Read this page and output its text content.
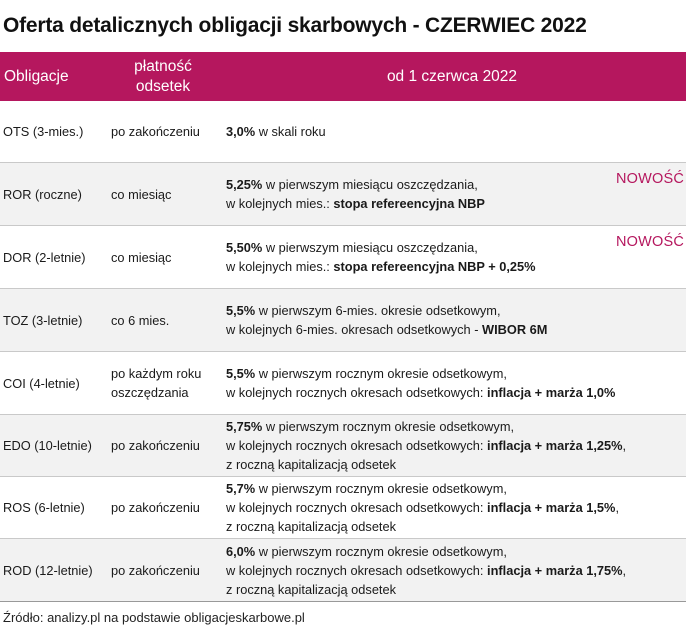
Oferta detalicznych obligacji skarbowych - CZERWIEC 2022
Obligacje
płatność
odsetek
od 1 czerwca 2022
OTS (3-mies.) po zakończeniu 3,0% w skali roku
ROR (roczne) co miesiąc
5,25% w pierwszym miesiącu oszczędzania,
w kolejnych mies.: stopa refereencyjna NBP
NOWOŚĆ
DOR (2-letnie) co miesiąc
5,50% w pierwszym miesiącu oszczędzania,
w kolejnych mies.: stopa refereencyjna NBP + 0,25%
NOWOŚĆ
TOZ (3-letnie) co 6 mies.
5,5% w pierwszym 6-mies. okresie odsetkowym,
w kolejnych 6-mies. okresach odsetkowych - WIBOR 6M
COI (4-letnie)
po każdym roku oszczędzania
5,5% w pierwszym rocznym okresie odsetkowym,
w kolejnych rocznych okresach odsetkowych: inflacja + marża 1,0%
EDO (10-letnie) po zakończeniu
5,75% w pierwszym rocznym okresie odsetkowym,
w kolejnych rocznych okresach odsetkowych: inflacja + marża 1,25%,
z roczną kapitalizacją odsetek
ROS (6-letnie) po zakończeniu
5,7% w pierwszym rocznym okresie odsetkowym,
w kolejnych rocznych okresach odsetkowych: inflacja + marża 1,5%,
z roczną kapitalizacją odsetek
ROD (12-letnie) po zakończeniu
6,0% w pierwszym rocznym okresie odsetkowym,
w kolejnych rocznych okresach odsetkowych: inflacja + marża 1,75%,
z roczną kapitalizacją odsetek
Źródło: analizy.pl na podstawie obligacjeskarbowe.pl
